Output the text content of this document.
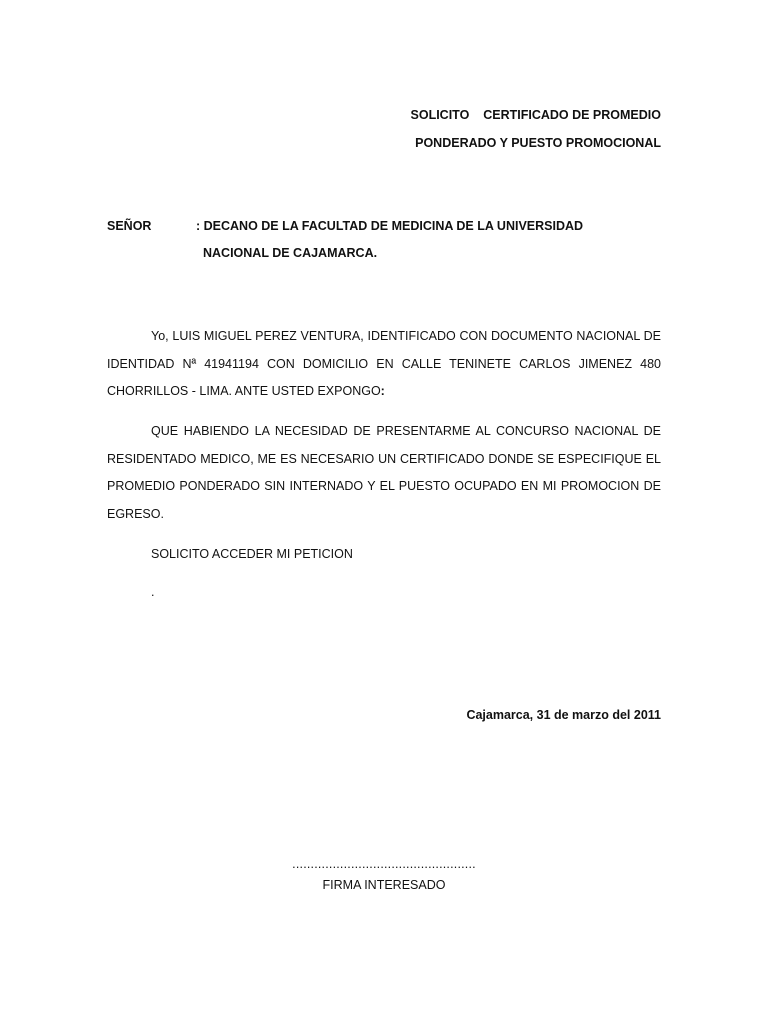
SOLICITO    CERTIFICADO DE PROMEDIO
PONDERADO Y PUESTO PROMOCIONAL
SEÑOR	: DECANO DE LA FACULTAD DE MEDICINA DE LA UNIVERSIDAD
NACIONAL DE CAJAMARCA.

Yo, LUIS MIGUEL PEREZ VENTURA, IDENTIFICADO CON DOCUMENTO NACIONAL DE IDENTIDAD Nª 41941194 CON DOMICILIO EN CALLE TENINETE CARLOS JIMENEZ 480 CHORRILLOS - LIMA. ANTE USTED EXPONGO:

QUE HABIENDO LA NECESIDAD DE PRESENTARME AL CONCURSO NACIONAL DE RESIDENTADO MEDICO, ME ES NECESARIO UN CERTIFICADO DONDE SE ESPECIFIQUE EL PROMEDIO PONDERADO SIN INTERNADO Y EL PUESTO OCUPADO EN MI PROMOCION DE EGRESO.

SOLICITO ACCEDER MI PETICION
.
Cajamarca, 31 de marzo del 2011
..................................................
FIRMA INTERESADO
